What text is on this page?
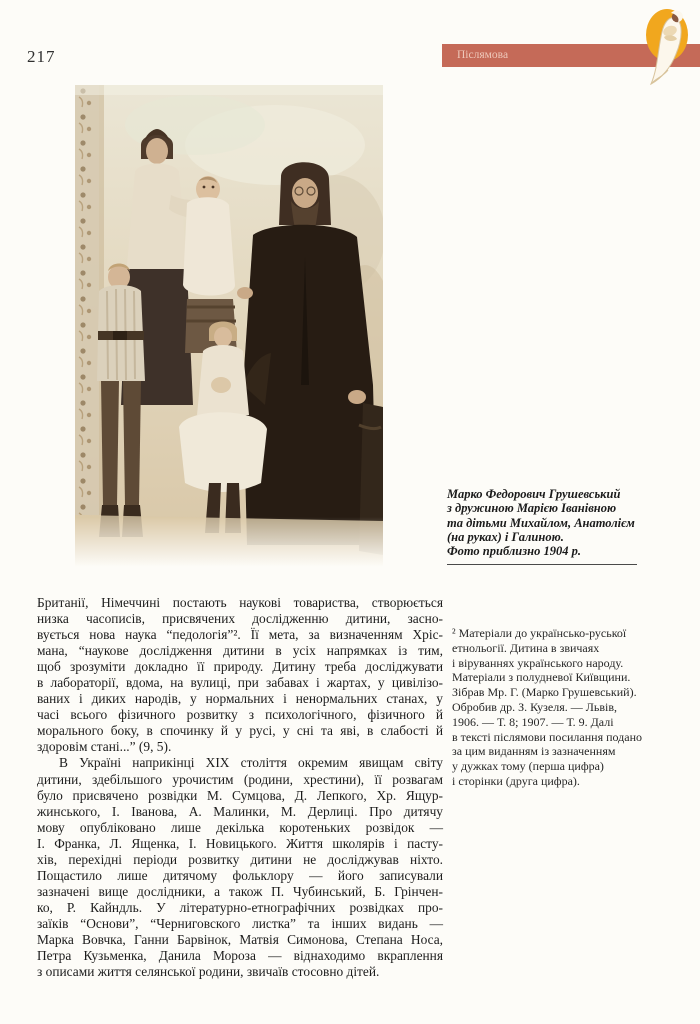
217	Післямова
Марко Федорович Грушевський
з дружиною Марією Іванівною
та дітьми Михайлом, Анатолієм
(на руках) і Галиною.
Фото приблизно 1904 р.
Британії, Німеччині постають наукові товариства, створюється
низка часописів, присвячених дослідженню дитини, засно-
вується нова наука “педологія”². Її мета, за визначенням Хріс-
мана, “наукове дослідження дитини в усіх напрямках із тим,
щоб зрозуміти докладно її природу. Дитину треба досліджувати
в лабораторії, вдома, на вулиці, при забавах і жартах, у цивілізо-
ваних і диких народів, у нормальних і ненормальних станах, у
часі всього фізичного розвитку з психологічного, фізичного й
морального боку, в спочинку й у русі, у сні та яві, в слабості й
здоровім стані...” (9, 5).
В Україні наприкінці XIX століття окремим явищам світу
дитини, здебільшого урочистим (родини, хрестини), її розвагам
було присвячено розвідки М. Сумцова, Д. Лепкого, Хр. Ящур-
жинського, І. Іванова, А. Малинки, М. Дерлиці. Про дитячу
мову опубліковано лише декілька коротеньких розвідок —
І. Франка, Л. Ященка, І. Новицького. Життя школярів і пасту-
хів, перехідні періоди розвитку дитини не досліджував ніхто.
Пощастило лише дитячому фольклору — його записували
зазначені вище дослідники, а також П. Чубинський, Б. Грінчен-
ко, Р. Кайндль. У літературно-етнографічних розвідках про-
заїків “Основи”, “Черниговского листка” та інших видань —
Марка Вовчка, Ганни Барвінок, Матвія Симонова, Степана Носа,
Петра Кузьменка, Данила Мороза — віднаходимо вкраплення
з описами життя селянської родини, звичаїв стосовно дітей.
² Матеріали до українсько-руської
етнольогії. Дитина в звичаях
і віруваннях українського народу.
Матеріали з полудневої Київщини.
Зібрав Мр. Г. (Марко Грушевський).
Обробив др. З. Кузеля. — Львів,
1906. — Т. 8; 1907. — Т. 9. Далі
в тексті післямови посилання подано
за цим виданням із зазначенням
у дужках тому (перша цифра)
і сторінки (друга цифра).
